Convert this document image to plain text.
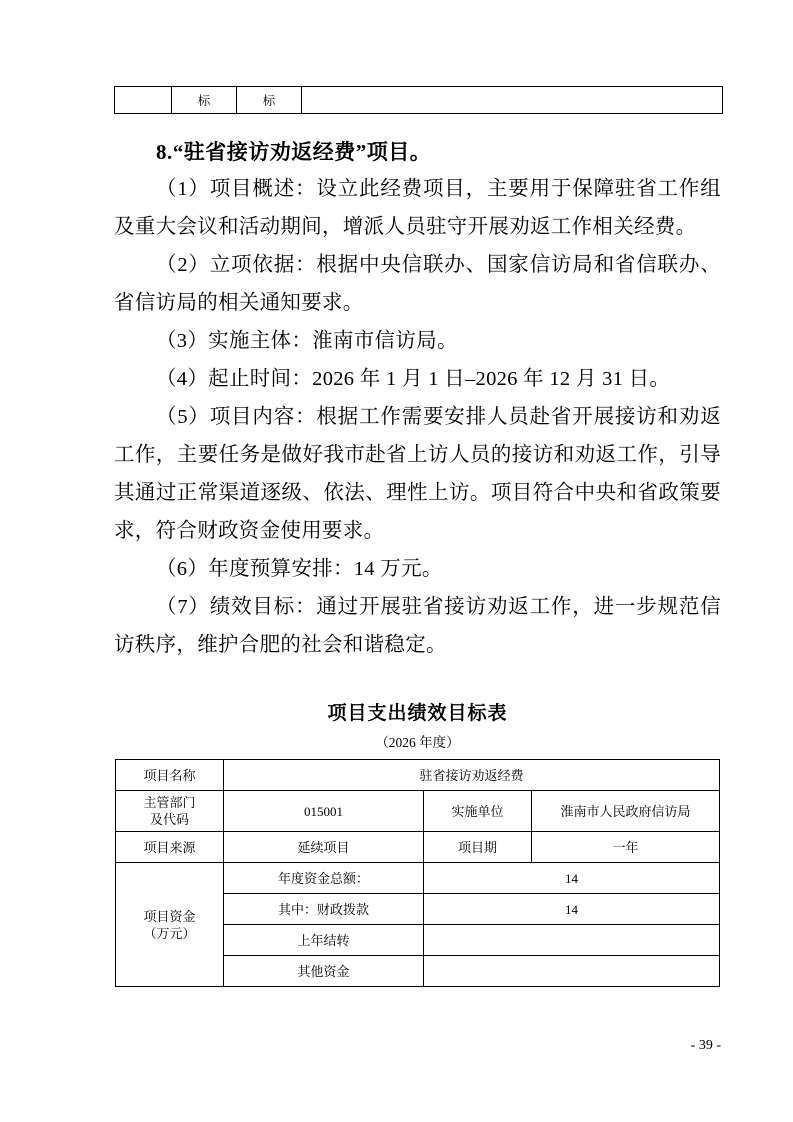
	标	标	
8.“驻省接访劝返经费”项目。

（1）项目概述：设立此经费项目，主要用于保障驻省工作组及重大会议和活动期间，增派人员驻守开展劝返工作相关经费。

（2）立项依据：根据中央信联办、国家信访局和省信联办、省信访局的相关通知要求。

（3）实施主体：淮南市信访局。

（4）起止时间：2026 年 1 月 1 日–2026 年 12 月 31 日。

（5）项目内容：根据工作需要安排人员赴省开展接访和劝返工作，主要任务是做好我市赴省上访人员的接访和劝返工作，引导其通过正常渠道逐级、依法、理性上访。项目符合中央和省政策要求，符合财政资金使用要求。

（6）年度预算安排：14 万元。

（7）绩效目标：通过开展驻省接访劝返工作，进一步规范信访秩序，维护合肥的社会和谐稳定。

项目支出绩效目标表
（2026 年度）
项目名称	驻省接访劝返经费		

主管部门
及代码	015001	实施单位	淮南市人民政府信访局
项目来源	延续项目	项目期	一年

项目资金
（万元）	年度资金总额：	14	
	其中：财政拨款	14	
	上年结转		
	其他资金		
- 39 -
